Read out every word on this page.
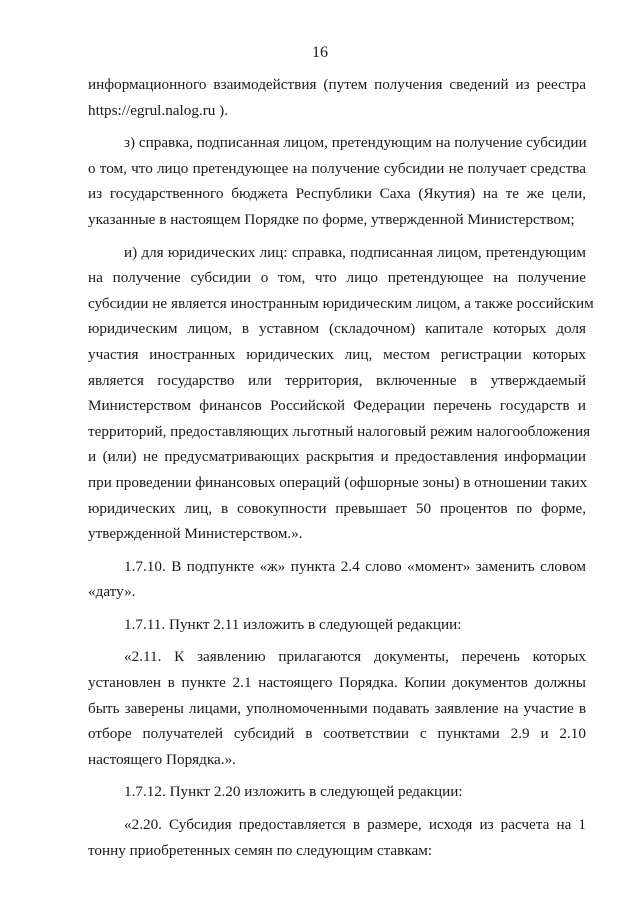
16
информационного взаимодействия (путем получения сведений из реестра
https://egrul.nalog.ru ).
з) справка, подписанная лицом, претендующим на получение субсидии
о том, что лицо претендующее на получение субсидии не получает средства
из государственного бюджета Республики Саха (Якутия) на те же цели,
указанные в настоящем Порядке по форме, утвержденной Министерством;
и) для юридических лиц: справка, подписанная лицом, претендующим
на получение субсидии о том, что лицо претендующее на получение
субсидии не является иностранным юридическим лицом, а также российским
юридическим лицом, в уставном (складочном) капитале которых доля
участия иностранных юридических лиц, местом регистрации которых
является государство или территория, включенные в утверждаемый
Министерством финансов Российской Федерации перечень государств и
территорий, предоставляющих льготный налоговый режим налогообложения
и (или) не предусматривающих раскрытия и предоставления информации
при проведении финансовых операций (офшорные зоны) в отношении таких
юридических лиц, в совокупности превышает 50 процентов по форме,
утвержденной Министерством.».
1.7.10. В подпункте «ж» пункта 2.4 слово «момент» заменить словом
«дату».
1.7.11. Пункт 2.11 изложить в следующей редакции:
«2.11. К заявлению прилагаются документы, перечень которых
установлен в пункте 2.1 настоящего Порядка. Копии документов должны
быть заверены лицами, уполномоченными подавать заявление на участие в
отборе получателей субсидий в соответствии с пунктами 2.9 и 2.10
настоящего Порядка.».
1.7.12. Пункт 2.20 изложить в следующей редакции:
«2.20. Субсидия предоставляется в размере, исходя из расчета на 1
тонну приобретенных семян по следующим ставкам:
